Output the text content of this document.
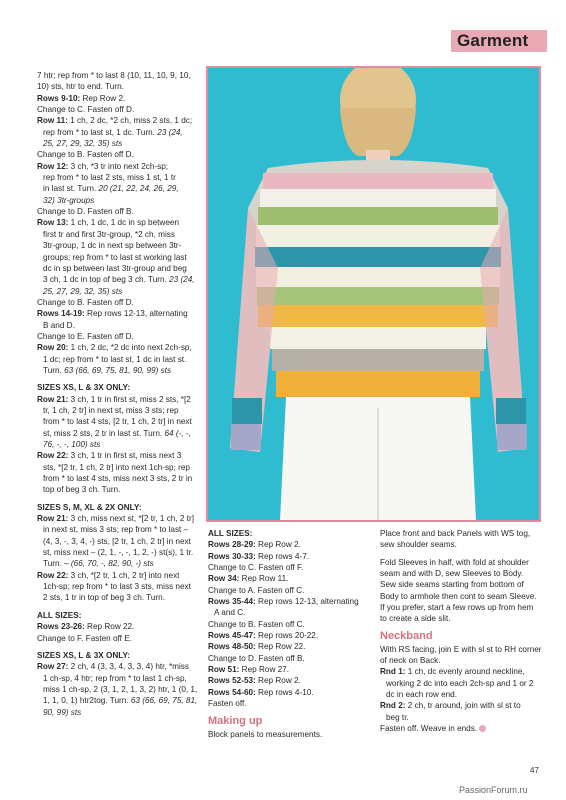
Garment

7 htr; rep from * to last 8 (10, 11, 10, 9, 10,

10) sts, htr to end. Turn.

Rows 9-10: Rep Row 2.

Change to C. Fasten off D.

Row 11: 1 ch, 2 dc, *2 ch, miss 2 sts, 1 dc;

rep from * to last st, 1 dc. Turn. 23 (24,

25, 27, 29, 32, 35) sts

Change to B. Fasten off D.

Row 12: 3 ch, *3 tr into next 2ch-sp;

rep from * to last 2 sts, miss 1 st, 1 tr

in last st. Turn. 20 (21, 22, 24, 26, 29,

32) 3tr-groups

Change to D. Fasten off B.

Row 13: 1 ch, 1 dc, 1 dc in sp between

first tr and first 3tr-group, *2 ch, miss

3tr-group, 1 dc in next sp between 3tr-

groups; rep from * to last st working last

dc in sp between last 3tr-group and beg

3 ch, 1 dc in top of beg 3 ch. Turn. 23 (24,

25, 27, 29, 32, 35) sts

Change to B. Fasten off D.

Rows 14-19: Rep rows 12-13, alternating

B and D.

Change to E. Fasten off D.

Row 20: 1 ch, 2 dc, *2 dc into next 2ch-sp,

1 dc; rep from * to last st, 1 dc in last st.

Turn. 63 (66, 69, 75, 81, 90, 99) sts

SIZES XS, L & 3X ONLY:

Row 21: 3 ch, 1 tr in first st, miss 2 sts, *[2

tr, 1 ch, 2 tr] in next st, miss 3 sts; rep

from * to last 4 sts, [2 tr, 1 ch, 2 tr] in next

st, miss 2 sts, 2 tr in last st. Turn. 64 (-, -,

76, -, -, 100) sts

Row 22: 3 ch, 1 tr in first st, miss next 3

sts, *[2 tr, 1 ch, 2 tr] into next 1ch-sp; rep

from * to last 4 sts, miss next 3 sts, 2 tr in

top of beg 3 ch. Turn.

SIZES S, M, XL & 2X ONLY:

Row 21: 3 ch, miss next st, *[2 tr, 1 ch, 2 tr]

in next st, miss 3 sts; rep from * to last –

(4, 3, -, 3, 4, -) sts, [2 tr, 1 ch, 2 tr] in next

st, miss next – (2, 1, -, -, 1, 2, -) st(s), 1 tr.

Turn. – (66, 70, -, 82, 90, -) sts

Row 22: 3 ch, *[2 tr, 1 ch, 2 tr] into next

1ch-sp; rep from * to last 3 sts, miss next

2 sts, 1 tr in top of beg 3 ch. Turn.

ALL SIZES:

Rows 23-26: Rep Row 22.

Change to F. Fasten off E.

SIZES XS, L & 3X ONLY:

Row 27: 2 ch, 4 (3, 3, 4, 3, 3, 4) htr, *miss

1 ch-sp, 4 htr; rep from * to last 1 ch-sp,

miss 1 ch-sp, 2 (3, 1, 2, 1, 3, 2) htr, 1 (0, 1,

1, 1, 0, 1) htr2tog. Turn. 63 (66, 69, 75, 81,

90, 99) sts

ALL SIZES:

Rows 28-29: Rep Row 2.

Rows 30-33: Rep rows 4-7.

Change to C. Fasten off F.

Row 34: Rep Row 11.

Change to A. Fasten off C.

Rows 35-44: Rep rows 12-13, alternating

A and C.

Change to B. Fasten off C.

Rows 45-47: Rep rows 20-22.

Rows 48-50: Rep Row 22.

Change to D. Fasten off B.

Row 51: Rep Row 27.

Rows 52-53: Rep Row 2.

Rows 54-60: Rep rows 4-10.

Fasten off.

Making up

Block panels to measurements.

Place front and back Panels with WS tog,

sew shoulder seams.

Fold Sleeves in half, with fold at shoulder

seam and with D, sew Sleeves to Body.

Sew side seams starting from bottom of

Body to armhole then cont to seam Sleeve.

If you prefer, start a few rows up from hem

to create a side slit.

Neckband

With RS facing, join E with sl st to RH corner

of neck on Back.

Rnd 1: 1 ch, dc evenly around neckline,

working 2 dc into each 2ch-sp and 1 or 2

dc in each row end.

Rnd 2: 2 ch, tr around, join with sl st to

beg tr.

Fasten off. Weave in ends.

47
PassionForum.ru
